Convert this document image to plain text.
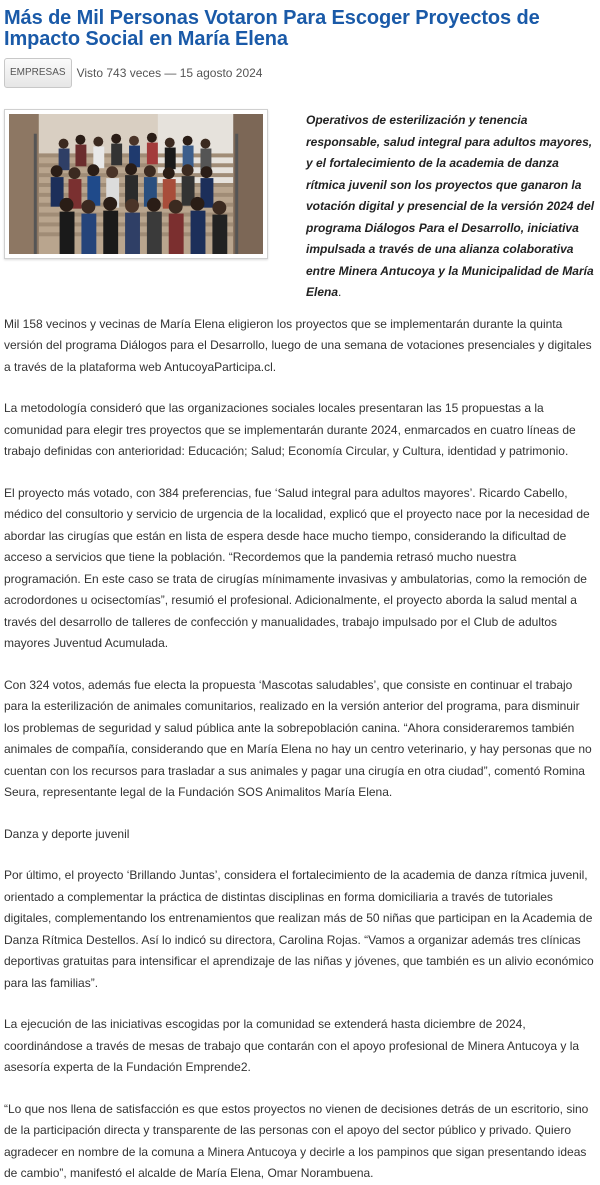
Más de Mil Personas Votaron Para Escoger Proyectos de Impacto Social en María Elena
EMPRESAS Visto 743 veces — 15 agosto 2024
Operativos de esterilización y tenencia responsable, salud integral para adultos mayores, y el fortalecimiento de la academia de danza rítmica juvenil son los proyectos que ganaron la votación digital y presencial de la versión 2024 del programa Diálogos Para el Desarrollo, iniciativa impulsada a través de una alianza colaborativa entre Minera Antucoya y la Municipalidad de María Elena.

Mil 158 vecinos y vecinas de María Elena eligieron los proyectos que se implementarán durante la quinta versión del programa Diálogos para el Desarrollo, luego de una semana de votaciones presenciales y digitales a través de la plataforma web AntucoyaParticipa.cl.

La metodología consideró que las organizaciones sociales locales presentaran las 15 propuestas a la comunidad para elegir tres proyectos que se implementarán durante 2024, enmarcados en cuatro líneas de trabajo definidas con anterioridad: Educación; Salud; Economía Circular, y Cultura, identidad y patrimonio.

El proyecto más votado, con 384 preferencias, fue ‘Salud integral para adultos mayores’. Ricardo Cabello, médico del consultorio y servicio de urgencia de la localidad, explicó que el proyecto nace por la necesidad de abordar las cirugías que están en lista de espera desde hace mucho tiempo, considerando la dificultad de acceso a servicios que tiene la población. “Recordemos que la pandemia retrasó mucho nuestra programación. En este caso se trata de cirugías mínimamente invasivas y ambulatorias, como la remoción de acrodordones u ocisectomías”, resumió el profesional. Adicionalmente, el proyecto aborda la salud mental a través del desarrollo de talleres de confección y manualidades, trabajo impulsado por el Club de adultos mayores Juventud Acumulada.

Con 324 votos, además fue electa la propuesta ‘Mascotas saludables’, que consiste en continuar el trabajo para la esterilización de animales comunitarios, realizado en la versión anterior del programa, para disminuir los problemas de seguridad y salud pública ante la sobrepoblación canina. “Ahora consideraremos también animales de compañía, considerando que en María Elena no hay un centro veterinario, y hay personas que no cuentan con los recursos para trasladar a sus animales y pagar una cirugía en otra ciudad”, comentó Romina Seura, representante legal de la Fundación SOS Animalitos María Elena.

Danza y deporte juvenil

Por último, el proyecto ‘Brillando Juntas’, considera el fortalecimiento de la academia de danza rítmica juvenil, orientado a complementar la práctica de distintas disciplinas en forma domiciliaria a través de tutoriales digitales, complementando los entrenamientos que realizan más de 50 niñas que participan en la Academia de Danza Rítmica Destellos. Así lo indicó su directora, Carolina Rojas. “Vamos a organizar además tres clínicas deportivas gratuitas para intensificar el aprendizaje de las niñas y jóvenes, que también es un alivio económico para las familias”.

La ejecución de las iniciativas escogidas por la comunidad se extenderá hasta diciembre de 2024, coordinándose a través de mesas de trabajo que contarán con el apoyo profesional de Minera Antucoya y la asesoría experta de la Fundación Emprende2.

“Lo que nos llena de satisfacción es que estos proyectos no vienen de decisiones detrás de un escritorio, sino de la participación directa y transparente de las personas con el apoyo del sector público y privado. Quiero agradecer en nombre de la comuna a Minera Antucoya y decirle a los pampinos que sigan presentando ideas de cambio”, manifestó el alcalde de María Elena, Omar Norambuena.
